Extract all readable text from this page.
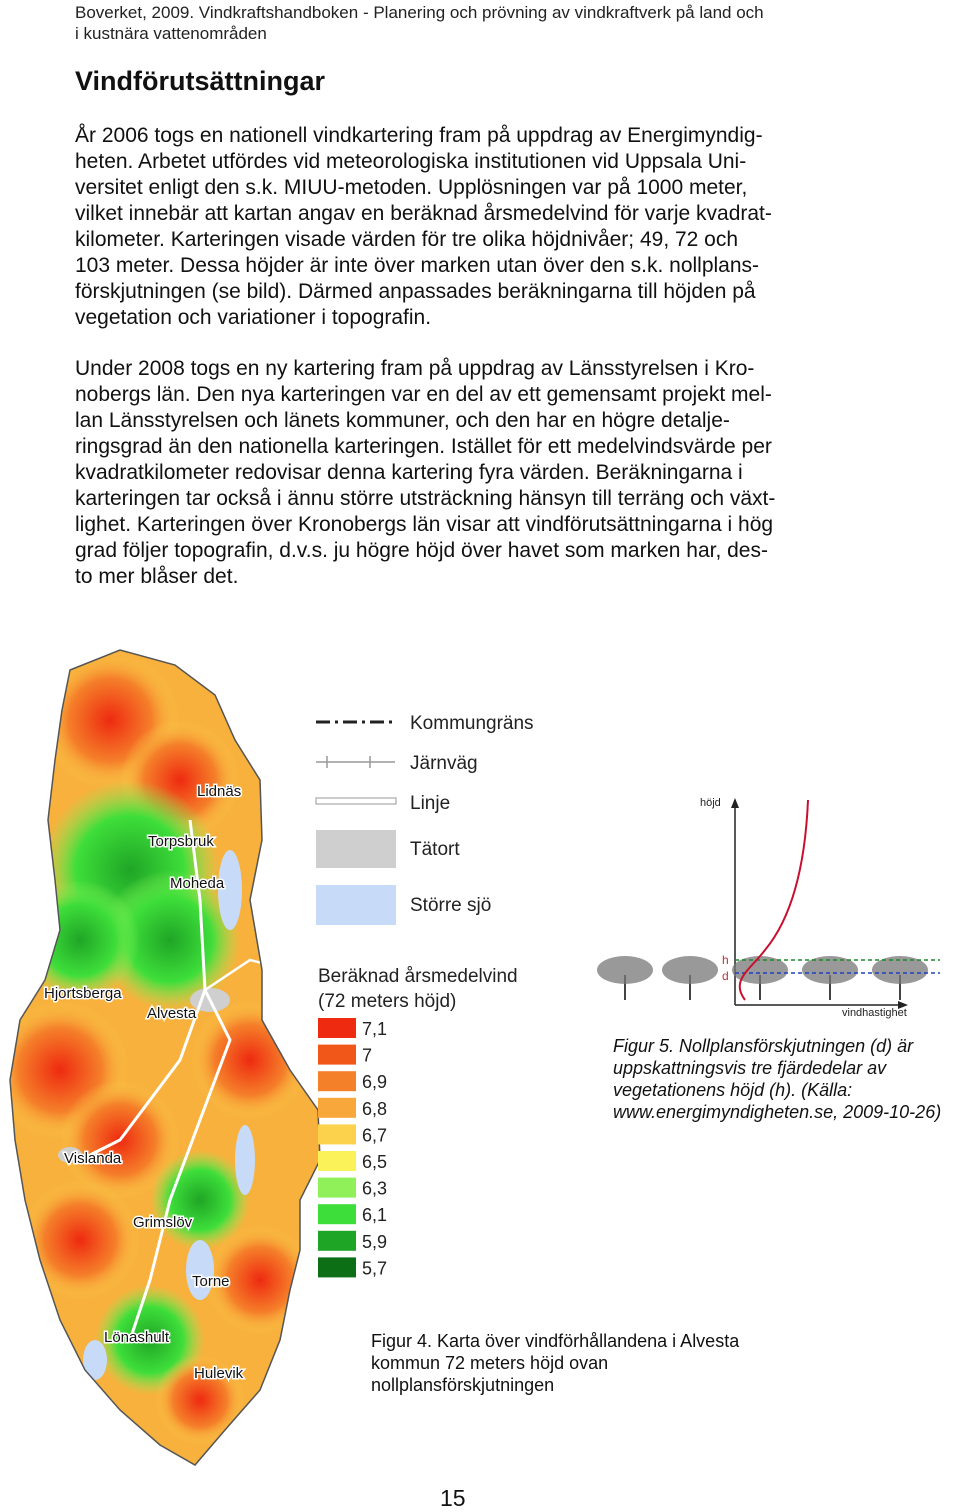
Boverket, 2009. Vindkraftshandboken - Planering och prövning av vindkraftverk på land och
i kustnära vattenområden
Vindförutsättningar

År 2006 togs en nationell vindkartering fram på uppdrag av Energimyndig-
heten. Arbetet utfördes vid meteorologiska institutionen vid Uppsala Uni-
versitet enligt den s.k. MIUU-metoden. Upplösningen var på 1000 meter,
vilket innebär att kartan angav en beräknad årsmedelvind för varje kvadrat-
kilometer. Karteringen visade värden för tre olika höjdnivåer; 49, 72 och
103 meter. Dessa höjder är inte över marken utan över den s.k. nollplans-
förskjutningen (se bild). Därmed anpassades beräkningarna till höjden på
vegetation och variationer i topografin.

Under 2008 togs en ny kartering fram på uppdrag av Länsstyrelsen i Kro-
nobergs län. Den nya karteringen var en del av ett gemensamt projekt mel-
lan Länsstyrelsen och länets kommuner, och den har en högre detalje-
ringsgrad än den nationella karteringen. Istället för ett medelvindsvärde per
kvadratkilometer redovisar denna kartering fyra värden. Beräkningarna i
karteringen tar också i ännu större utsträckning hänsyn till terräng och växt-
lighet. Karteringen över Kronobergs län visar att vindförutsättningarna i hög
grad följer topografin, d.v.s. ju högre höjd över havet som marken har, des-
to mer blåser det.

Lidnäs
Torpsbruk
Moheda
Hjortsberga
Alvesta
Vislanda
Grimslöv
Torne
Lönashult
Hulevik
Kommungräns
Järnväg
Linje
Tätort
Större sjö
Beräknad årsmedelvind
(72 meters höjd)
7,1
7
6,9
6,8
6,7
6,5
6,3
6,1
5,9
5,7
höjd
vindhastighet
h
d
Figur 5. Nollplansförskjutningen (d) är uppskattningsvis tre fjärdedelar av vegetationens höjd (h). (Källa: www.energimyndigheten.se, 2009-10-26)
Figur 4. Karta över vindförhållandena i Alvesta kommun 72 meters höjd ovan nollplansförskjutningen
15
